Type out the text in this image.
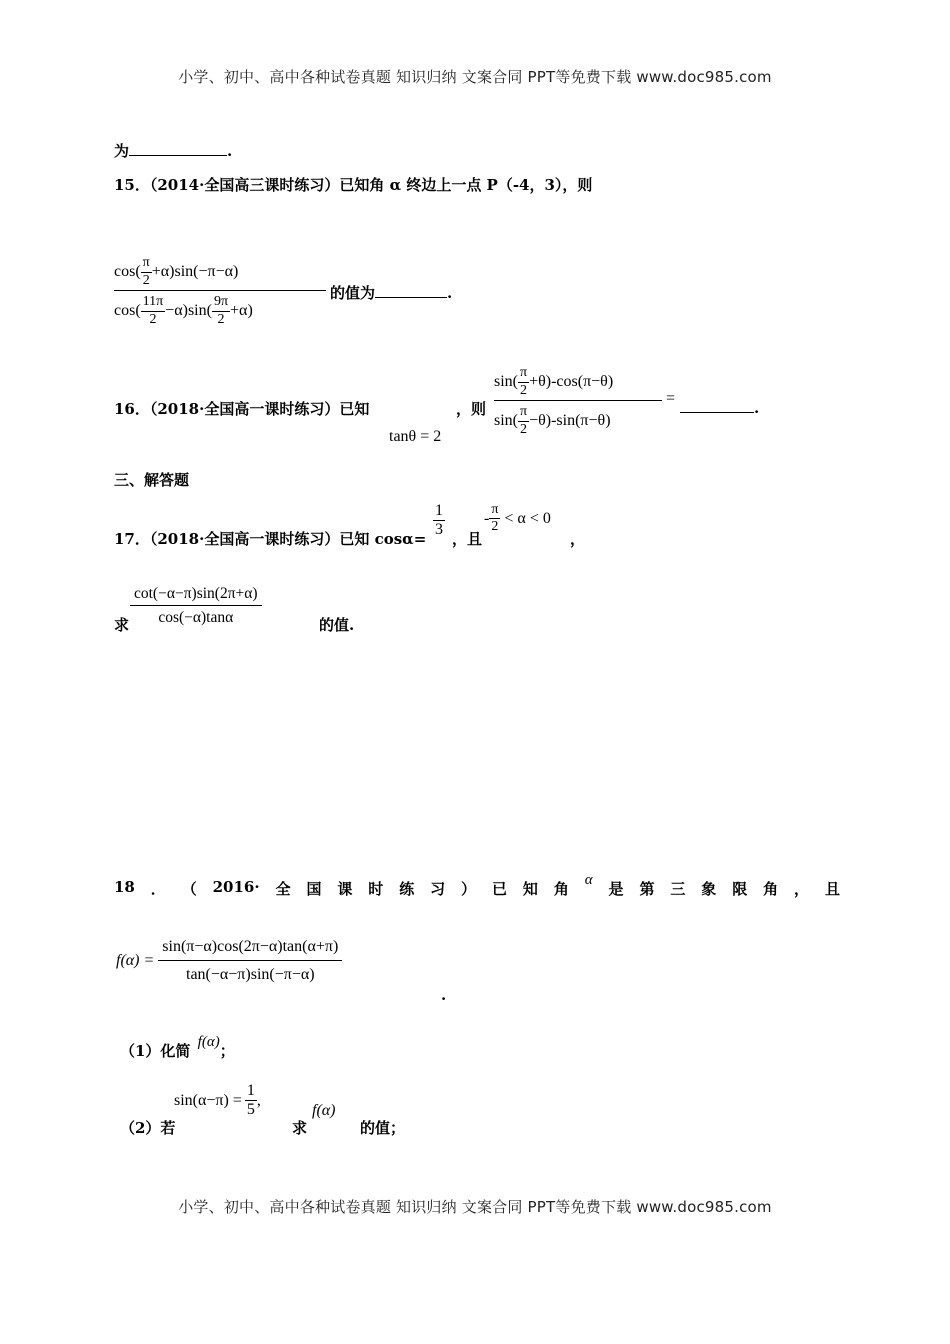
小学、初中、高中各种试卷真题 知识归纳 文案合同 PPT等免费下载 www.doc985.com
为	.
15．（2014·全国高三课时练习）已知角 α 终边上一点 P（-4，3），则
$\frac{\cos( \frac{\pi}{2} +\alpha)\sin(-\pi-\alpha)}{\cos( \frac{11\pi}{2} -\alpha)\sin( \frac{9\pi}{2} +\alpha)}$ 的值为	.
16．（2018·全国高一课时练习）已知
tanθ = 2
，则 $\frac{\sin( \frac{\pi}{2} +\theta)-\cos(\pi-\theta)}{\sin( \frac{\pi}{2} -\theta)-\sin(\pi-\theta)}$ =
.
三、解答题
17．（2018·全国高一课时练习）已知 $\cos\alpha= \frac{1}{3}$ ，且
- $\frac{\pi}{2} < \alpha < 0$
，
求 $\frac{\cot(-\alpha-\pi)\sin(2\pi+\alpha)}{\cos(-\alpha)\tan\alpha}$	的值.
18 ． （ 2016· 全 国 课 时 练 习 ） 已 知 角 α 是 第 三 象 限 角 ， 且
$f(\alpha) = \frac{\sin(\pi-\alpha)\cos(2\pi-\alpha)\tan(\alpha+\pi)}{\tan(-\alpha-\pi)\sin(-\pi-\alpha)}$
.
（1）化简 f(α)；
（2）若
$\sin(\alpha-\pi) = \frac{1}{5}$ ,
求
f(α)
的值；
小学、初中、高中各种试卷真题 知识归纳 文案合同 PPT等免费下载 www.doc985.com
